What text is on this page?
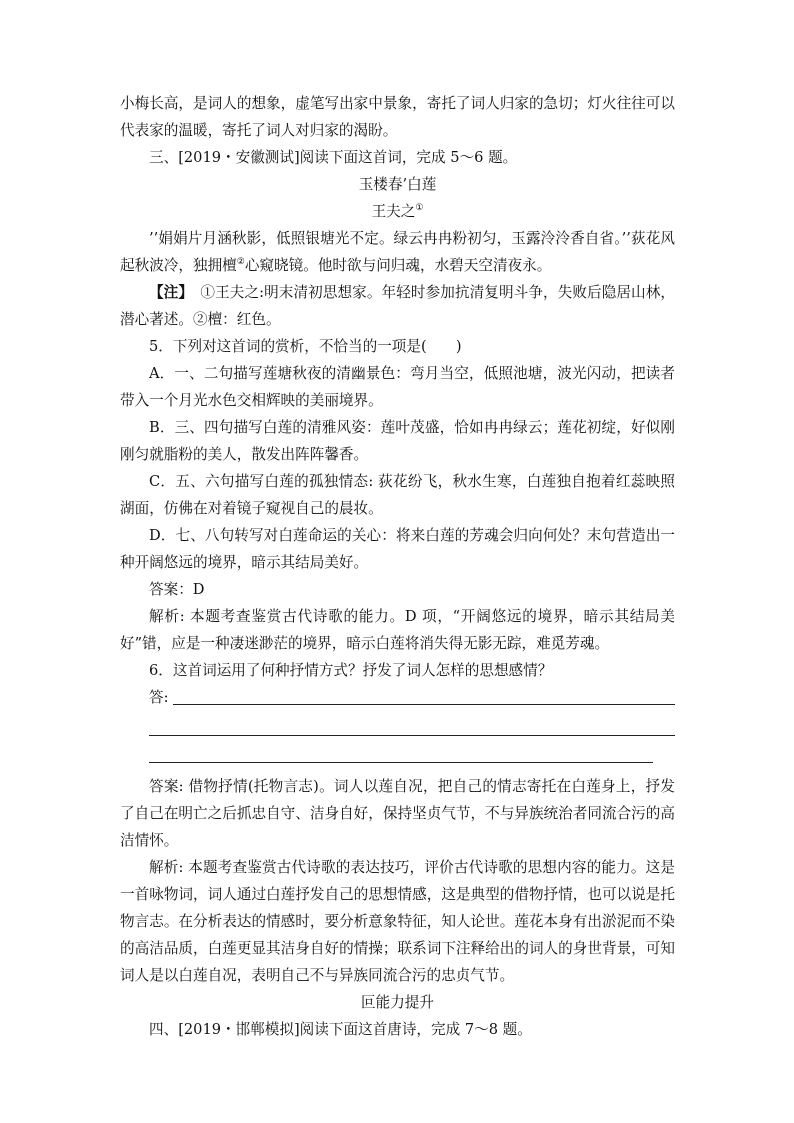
小梅长高，是词人的想象，虚笔写出家中景象，寄托了词人归家的急切；灯火往往可以代表家的温暖，寄托了词人对归家的渴盼。

三、[2019・安徽测试]阅读下面这首词，完成 5～6 题。

玉楼春’白莲

王夫之①

’’娟娟片月涵秋影，低照银塘光不定。绿云冉冉粉初匀，玉露泠泠香自省。’’荻花风起秋波冷，独拥檀②心窥晓镜。他时欲与问归魂，水碧天空清夜永。

【注】　①王夫之:明末清初思想家。年轻时参加抗清复明斗争，失败后隐居山林，潜心著述。②檀：红色。

5．下列对这首词的赏析，不恰当的一项是(　　)

A．一、二句描写莲塘秋夜的清幽景色：弯月当空，低照池塘，波光闪动，把读者带入一个月光水色交相辉映的美丽境界。

B．三、四句描写白莲的清雅风姿：莲叶茂盛，恰如冉冉绿云；莲花初绽，好似刚刚匀就脂粉的美人，散发出阵阵馨香。

C．五、六句描写白莲的孤独情态: 荻花纷飞，秋水生寒，白莲独自抱着红蕊映照湖面，仿佛在对着镜子窥视自己的晨妆。

D．七、八句转写对白莲命运的关心：将来白莲的芳魂会归向何处？末句营造出一种开阔悠远的境界，暗示其结局美好。

答案：D

解析: 本题考查鉴赏古代诗歌的能力。D 项，“开阔悠远的境界，暗示其结局美好”错，应是一种凄迷渺茫的境界，暗示白莲将消失得无影无踪，难觅芳魂。

6．这首词运用了何种抒情方式？抒发了词人怎样的思想感情？

答:

答案: 借物抒情(托物言志)。词人以莲自况，把自己的情志寄托在白莲身上，抒发了自己在明亡之后抓忠自守、洁身自好，保持坚贞气节，不与异族统治者同流合污的高洁情怀。

解析: 本题考查鉴赏古代诗歌的表达技巧，评价古代诗歌的思想内容的能力。这是一首咏物词，词人通过白莲抒发自己的思想情感，这是典型的借物抒情，也可以说是托物言志。在分析表达的情感时，要分析意象特征，知人论世。莲花本身有出淤泥而不染的高洁品质，白莲更显其洁身自好的情操；联系词下注释给出的词人的身世背景，可知词人是以白莲自况，表明自己不与异族同流合污的忠贞气节。

叵能力提升

四、[2019・邯郸模拟]阅读下面这首唐诗，完成 7～8 题。
